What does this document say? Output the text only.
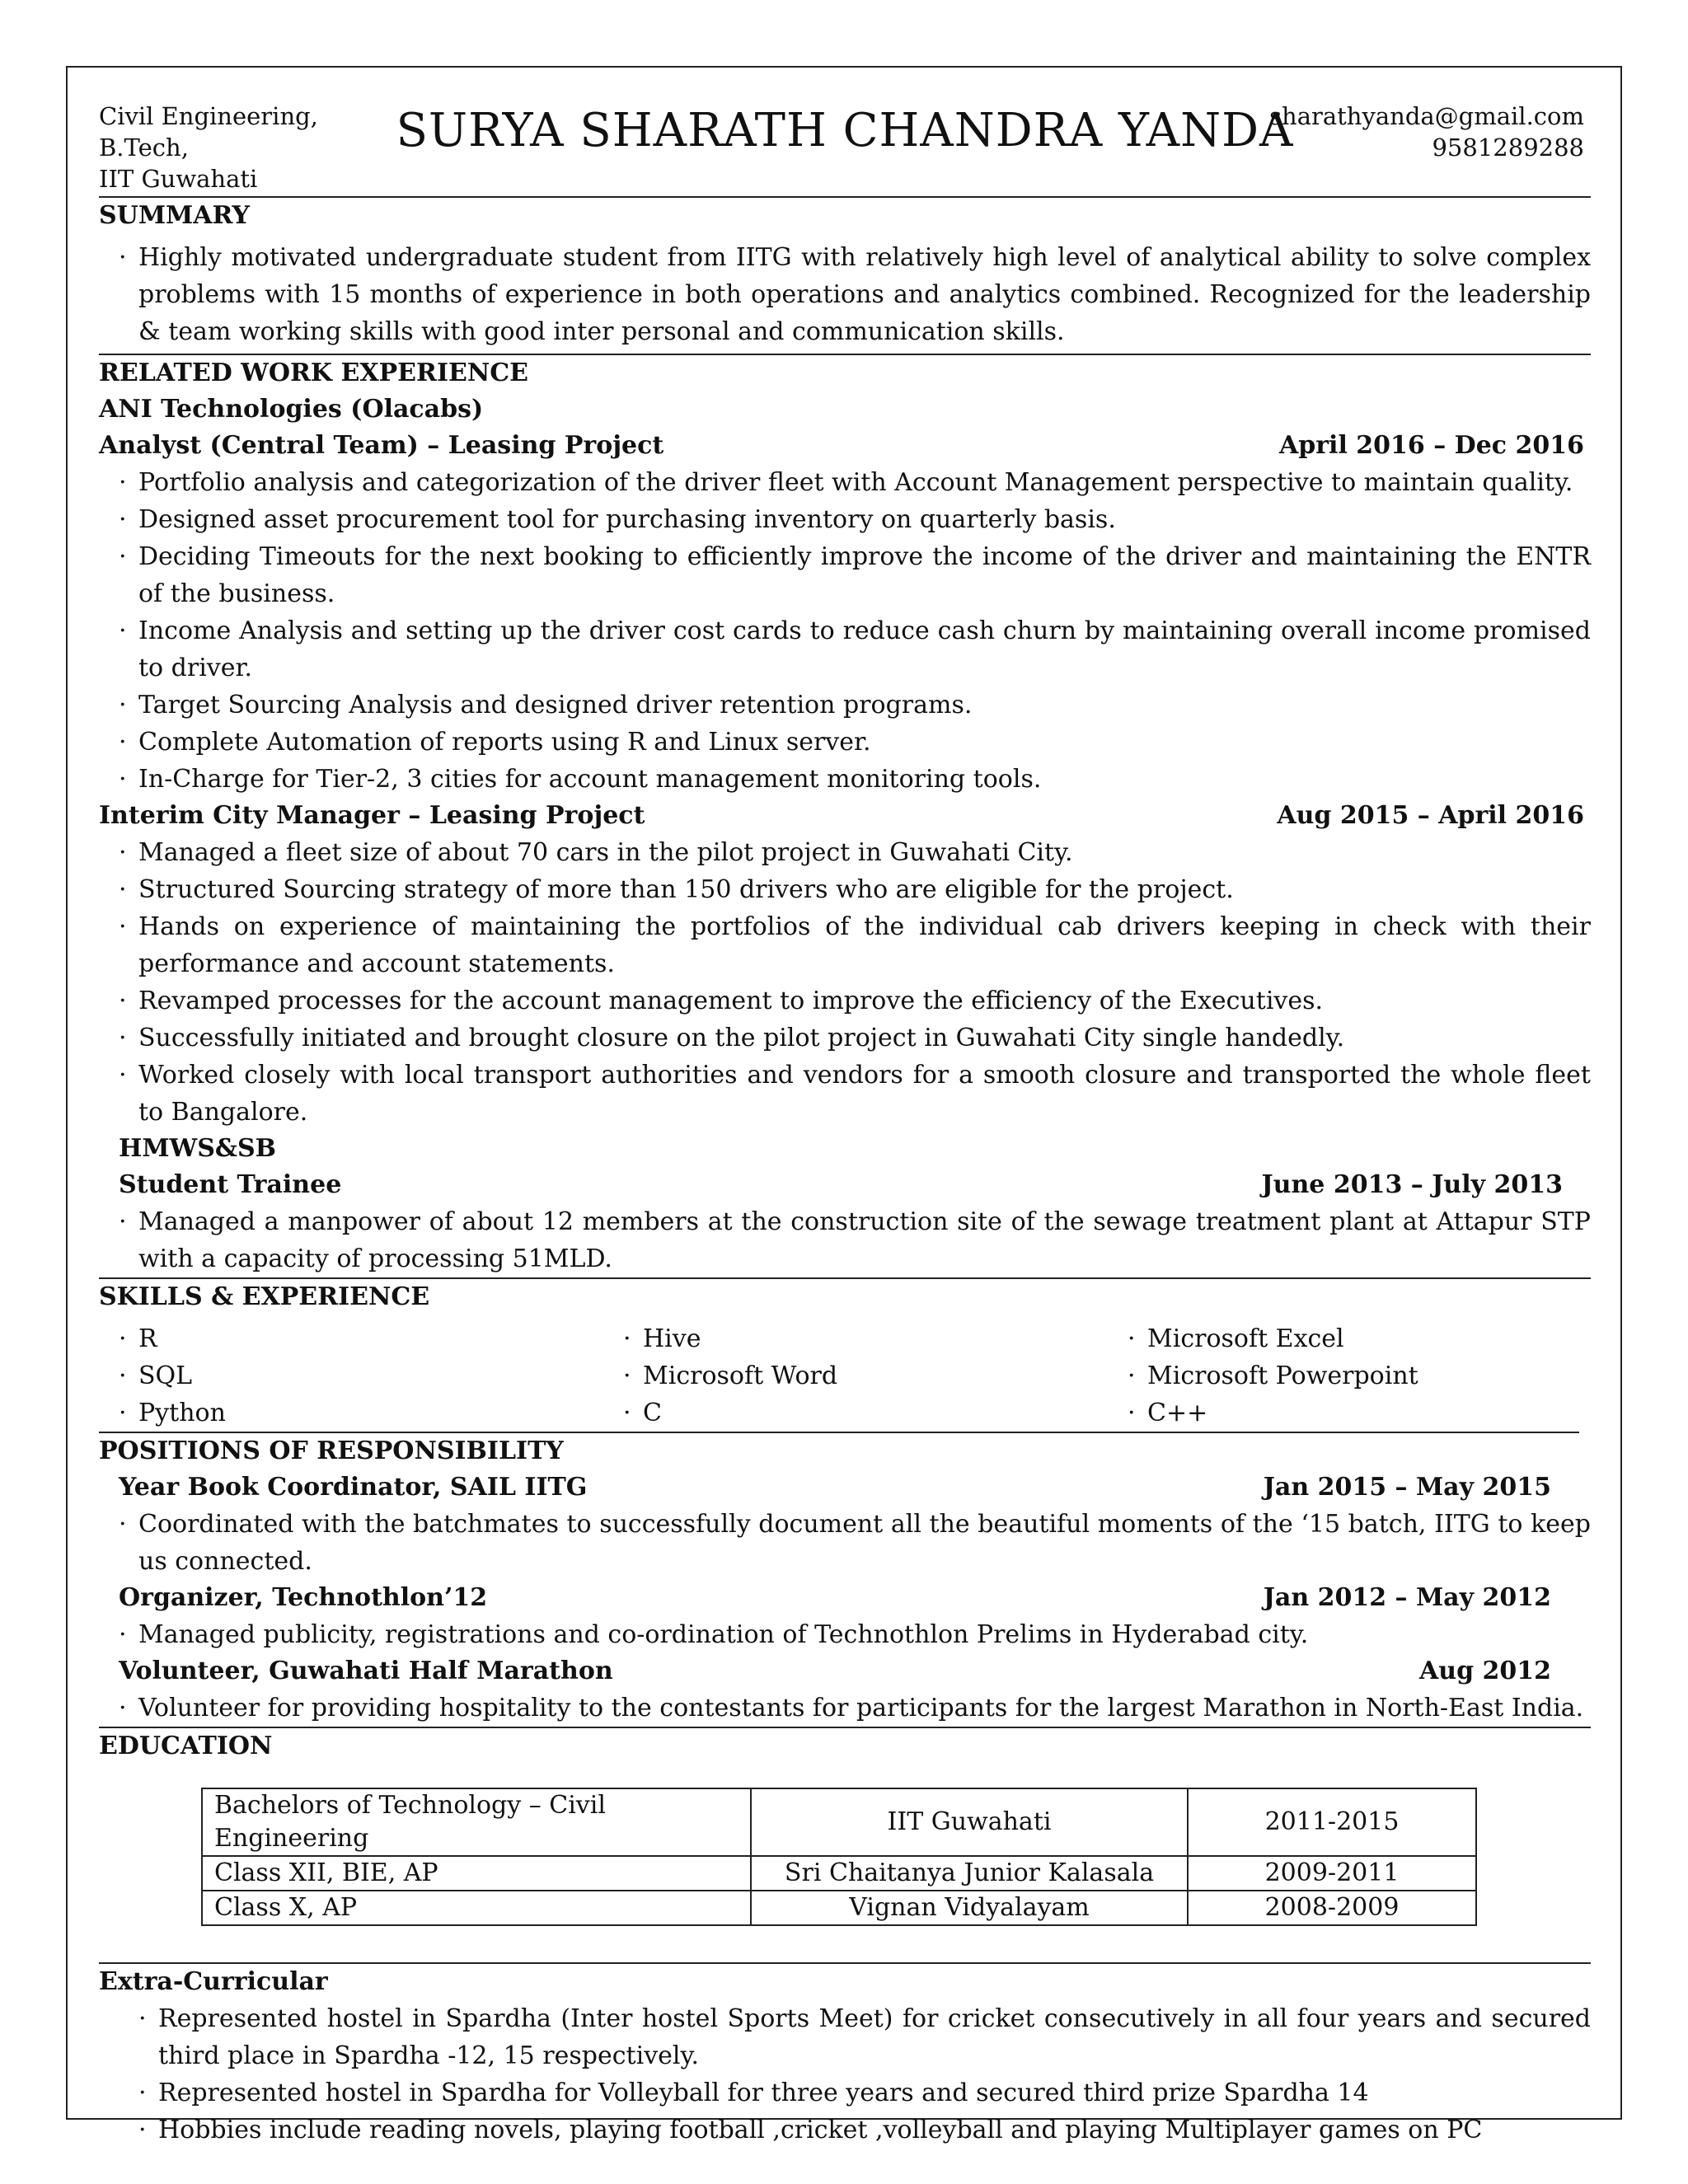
Civil Engineering,
B.Tech,
IIT Guwahati
SURYA SHARATH CHANDRA YANDA
sharathyanda@gmail.com
9581289288
SUMMARY
· Highly motivated undergraduate student from IITG with relatively high level of analytical ability to solve complex problems with 15 months of experience in both operations and analytics combined. Recognized for the leadership & team working skills with good inter personal and communication skills.
RELATED WORK EXPERIENCE
ANI Technologies (Olacabs)
Analyst (Central Team) – Leasing Project	April 2016 – Dec 2016
· Portfolio analysis and categorization of the driver fleet with Account Management perspective to maintain quality.
· Designed asset procurement tool for purchasing inventory on quarterly basis.
· Deciding Timeouts for the next booking to efficiently improve the income of the driver and maintaining the ENTR of the business.
· Income Analysis and setting up the driver cost cards to reduce cash churn by maintaining overall income promised to driver.
· Target Sourcing Analysis and designed driver retention programs.
· Complete Automation of reports using R and Linux server.
· In-Charge for Tier-2, 3 cities for account management monitoring tools.
Interim City Manager – Leasing Project	Aug 2015 – April 2016
· Managed a fleet size of about 70 cars in the pilot project in Guwahati City.
· Structured Sourcing strategy of more than 150 drivers who are eligible for the project.
· Hands on experience of maintaining the portfolios of the individual cab drivers keeping in check with their performance and account statements.
· Revamped processes for the account management to improve the efficiency of the Executives.
· Successfully initiated and brought closure on the pilot project in Guwahati City single handedly.
· Worked closely with local transport authorities and vendors for a smooth closure and transported the whole fleet to Bangalore.
HMWS&SB
Student Trainee	June 2013 – July 2013
· Managed a manpower of about 12 members at the construction site of the sewage treatment plant at Attapur STP with a capacity of processing 51MLD.
SKILLS & EXPERIENCE
· R	· Hive	· Microsoft Excel
· SQL	· Microsoft Word	· Microsoft Powerpoint
· Python	· C	· C++
POSITIONS OF RESPONSIBILITY
Year Book Coordinator, SAIL IITG	Jan 2015 – May 2015
· Coordinated with the batchmates to successfully document all the beautiful moments of the ‘15 batch, IITG to keep us connected.
Organizer, Technothlon’12	Jan 2012 – May 2012
· Managed publicity, registrations and co-ordination of Technothlon Prelims in Hyderabad city.
Volunteer, Guwahati Half Marathon	Aug 2012
· Volunteer for providing hospitality to the contestants for participants for the largest Marathon in North-East India.
EDUCATION
Bachelors of Technology – Civil Engineering	IIT Guwahati	2011-2015
Class XII, BIE, AP	Sri Chaitanya Junior Kalasala	2009-2011
Class X, AP	Vignan Vidyalayam	2008-2009
Extra-Curricular
· Represented hostel in Spardha (Inter hostel Sports Meet) for cricket consecutively in all four years and secured third place in Spardha -12, 15 respectively.
· Represented hostel in Spardha for Volleyball for three years and secured third prize Spardha 14
· Hobbies include reading novels, playing football ,cricket ,volleyball and playing Multiplayer games on PC
